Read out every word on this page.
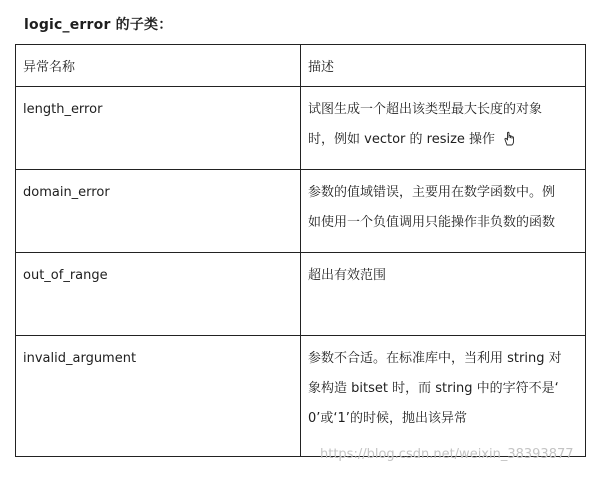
logic_error 的子类：
异常名称	描述
length_error	试图生成一个超出该类型最大长度的对象
时，例如 vector 的 resize 操作

domain_error	参数的值域错误，主要用在数学函数中。例
如使用一个负值调用只能操作非负数的函数

out_of_range	超出有效范围

invalid_argument	参数不合适。在标准库中，当利用 string 对
象构造 bitset 时，而 string 中的字符不是‘
0’或‘1’的时候，抛出该异常
https://blog.csdn.net/weixin_38393877
